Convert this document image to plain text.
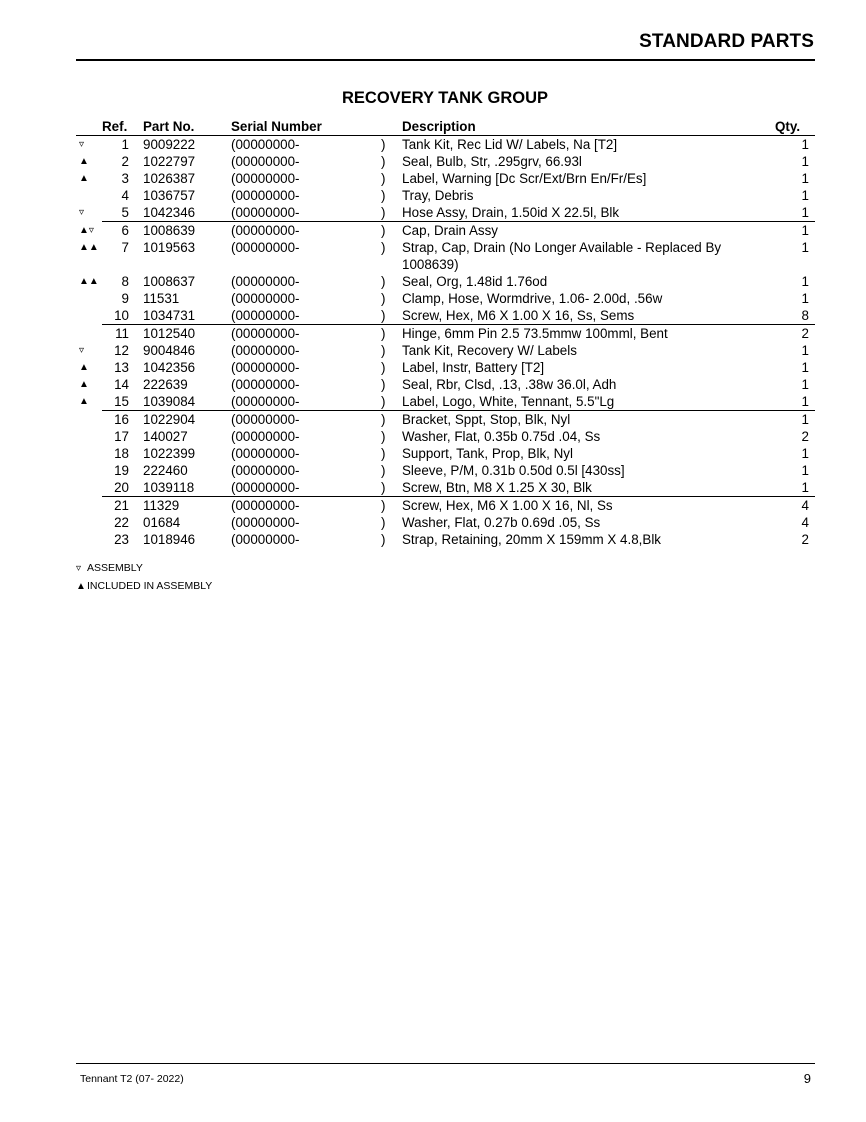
STANDARD PARTS
RECOVERY TANK GROUP
	Ref.	Part No.	Serial Number		Description	Qty.
▿	1	9009222	(00000000-	)	Tank Kit, Rec Lid W/ Labels, Na [T2]	1
▲	2	1022797	(00000000-	)	Seal, Bulb, Str, .295grv, 66.93l	1
▲	3	1026387	(00000000-	)	Label, Warning [Dc Scr/Ext/Brn En/Fr/Es]	1
	4	1036757	(00000000-	)	Tray, Debris	1
▿	5	1042346	(00000000-	)	Hose Assy, Drain, 1.50id X 22.5l, Blk	1
▲▿	6	1008639	(00000000-	)	Cap, Drain Assy	1
▲▲	7	1019563	(00000000-	)	Strap, Cap, Drain (No Longer Available - Replaced By 1008639)	1
▲▲	8	1008637	(00000000-	)	Seal, Org, 1.48id 1.76od	1
	9	11531	(00000000-	)	Clamp, Hose, Wormdrive, 1.06- 2.00d, .56w	1
	10	1034731	(00000000-	)	Screw, Hex, M6 X 1.00 X 16, Ss, Sems	8
	11	1012540	(00000000-	)	Hinge, 6mm Pin 2.5 73.5mmw 100mml, Bent	2
▿	12	9004846	(00000000-	)	Tank Kit, Recovery W/ Labels	1
▲	13	1042356	(00000000-	)	Label, Instr, Battery [T2]	1
▲	14	222639	(00000000-	)	Seal, Rbr, Clsd, .13, .38w 36.0l, Adh	1
▲	15	1039084	(00000000-	)	Label, Logo, White, Tennant, 5.5"Lg	1
	16	1022904	(00000000-	)	Bracket, Sppt, Stop, Blk, Nyl	1
	17	140027	(00000000-	)	Washer, Flat, 0.35b 0.75d .04, Ss	2
	18	1022399	(00000000-	)	Support, Tank, Prop, Blk, Nyl	1
	19	222460	(00000000-	)	Sleeve, P/M, 0.31b 0.50d 0.5l [430ss]	1
	20	1039118	(00000000-	)	Screw, Btn, M8 X 1.25 X 30, Blk	1
	21	11329	(00000000-	)	Screw, Hex, M6 X 1.00 X 16, Nl, Ss	4
	22	01684	(00000000-	)	Washer, Flat, 0.27b 0.69d .05, Ss	4
	23	1018946	(00000000-	)	Strap, Retaining, 20mm X 159mm X 4.8,Blk	2
▿ ASSEMBLY
▲INCLUDED IN ASSEMBLY
Tennant T2 (07- 2022)	9
